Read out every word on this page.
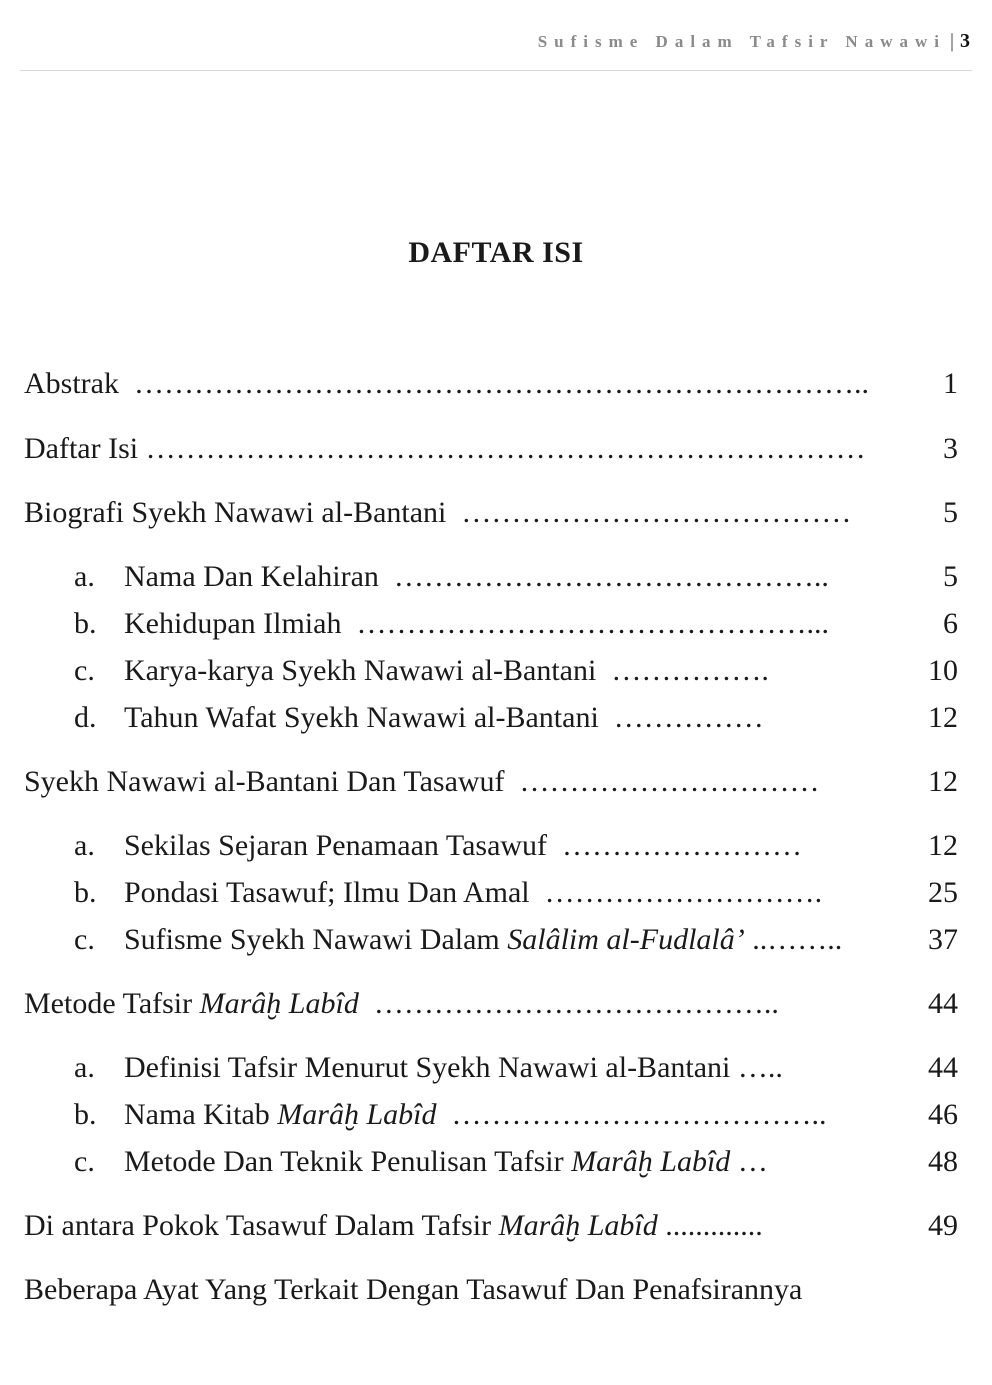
Sufisme Dalam Tafsir Nawawi | 3
DAFTAR ISI
Abstrak ……………………………………………………………….. 1
Daftar Isi ………………………………………………………………	3
Biografi Syekh Nawawi al-Bantani …………………………………	5
a. Nama Dan Kelahiran ……………………………………..	5
b. Kehidupan Ilmiah ………………………………………...	6
c. Karya-karya Syekh Nawawi al-Bantani …………….	10
d. Tahun Wafat Syekh Nawawi al-Bantani ……………	12
Syekh Nawawi al-Bantani Dan Tasawuf …………………………	12
a. Sekilas Sejaran Penamaan Tasawuf ……………………	12
b. Pondasi Tasawuf; Ilmu Dan Amal ……………………….	25
c. Sufisme Syekh Nawawi Dalam Salâlim al-Fudlalâ’ ..……..	37
Metode Tafsir Marâḫ Labîd …………………………………..	44
a. Definisi Tafsir Menurut Syekh Nawawi al-Bantani …..	44
b. Nama Kitab Marâḫ Labîd ………………………………..	46
c. Metode Dan Teknik Penulisan Tafsir Marâḫ Labîd …	48
Di antara Pokok Tasawuf Dalam Tafsir Marâḫ Labîd .............	49
Beberapa Ayat Yang Terkait Dengan Tasawuf Dan Penafsirannya
